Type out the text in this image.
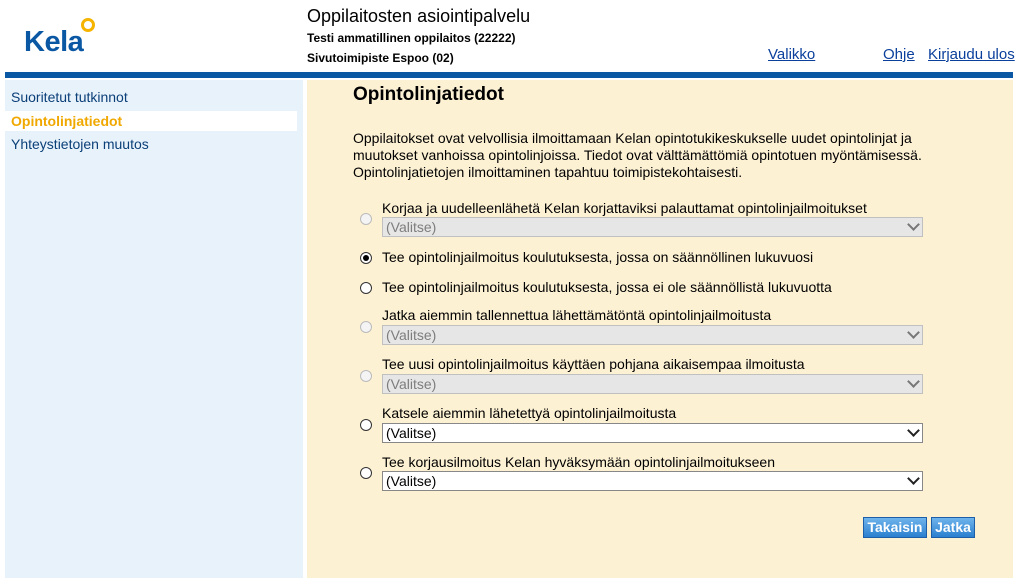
Kela
Oppilaitosten asiointipalvelu
Testi ammatillinen oppilaitos (22222)
Sivutoimipiste Espoo (02)	Valikko	Ohje Kirjaudu ulos
Suoritetut tutkinnot
Opintolinjatiedot
Yhteystietojen muutos
Opintolinjatiedot
Oppilaitokset ovat velvollisia ilmoittamaan Kelan opintotukikeskukselle uudet opintolinjat ja muutokset vanhoissa opintolinjoissa. Tiedot ovat välttämättömiä opintotuen myöntämisessä. Opintolinjatietojen ilmoittaminen tapahtuu toimipistekohtaisesti.
Korjaa ja uudelleenlähetä Kelan korjattaviksi palauttamat opintolinjailmoitukset
(Valitse)
Tee opintolinjailmoitus koulutuksesta, jossa on säännöllinen lukuvuosi
Tee opintolinjailmoitus koulutuksesta, jossa ei ole säännöllistä lukuvuotta
Jatka aiemmin tallennettua lähettämätöntä opintolinjailmoitusta
(Valitse)
Tee uusi opintolinjailmoitus käyttäen pohjana aikaisempaa ilmoitusta
(Valitse)
Katsele aiemmin lähetettyä opintolinjailmoitusta
(Valitse)
Tee korjausilmoitus Kelan hyväksymään opintolinjailmoitukseen
(Valitse)
Takaisin Jatka
